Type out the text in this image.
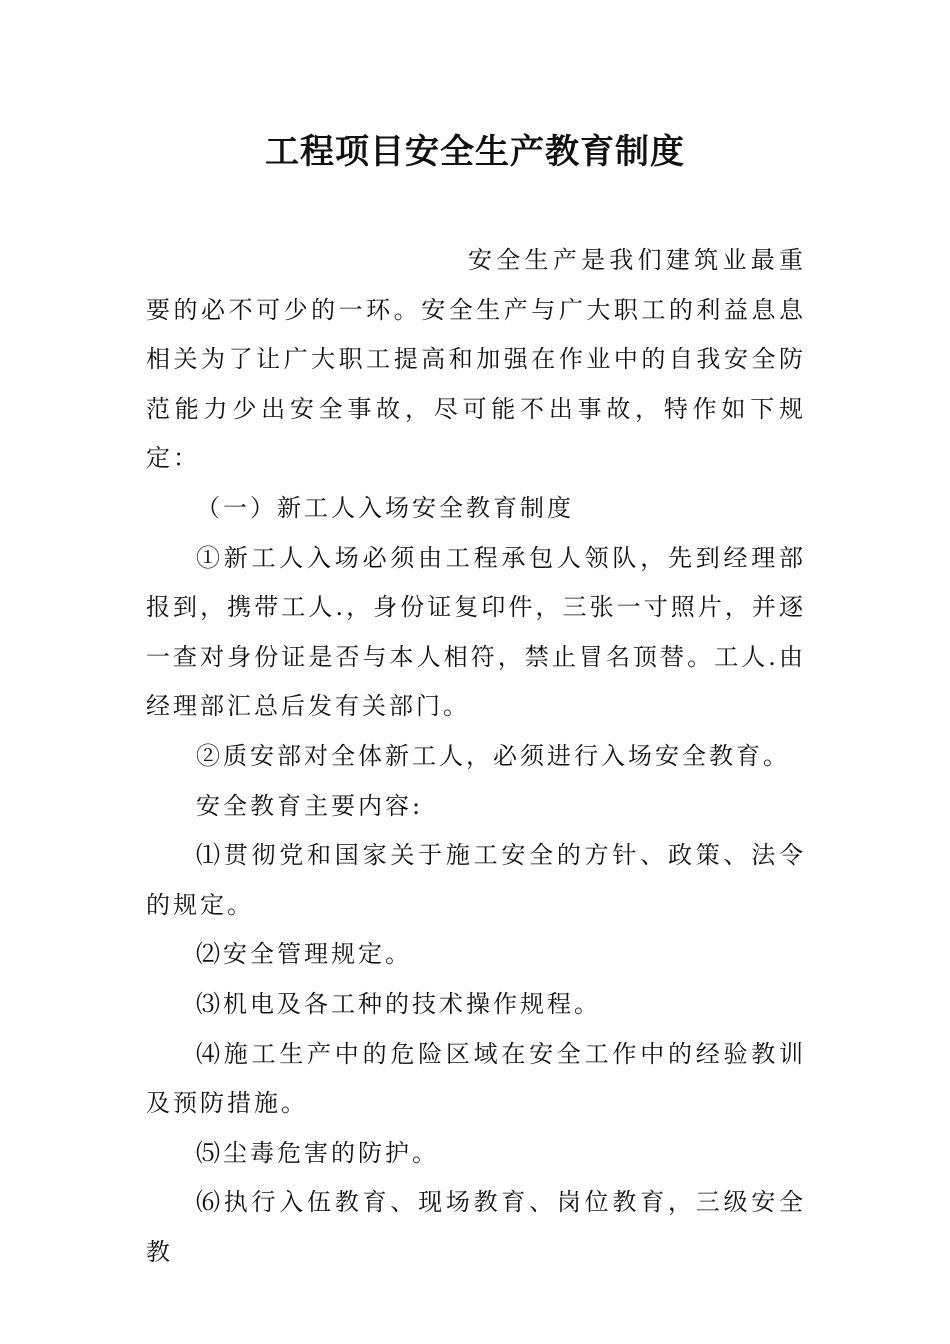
工程项目安全生产教育制度

安全生产是我们建筑业最重要的必不可少的一环。安全生产与广大职工的利益息息相关为了让广大职工提高和加强在作业中的自我安全防范能力少出安全事故，尽可能不出事故，特作如下规定：

（一）新工人入场安全教育制度

①新工人入场必须由工程承包人领队，先到经理部报到，携带工人.，身份证复印件，三张一寸照片，并逐一查对身份证是否与本人相符，禁止冒名顶替。工人.由经理部汇总后发有关部门。

②质安部对全体新工人，必须进行入场安全教育。

安全教育主要内容:

⑴贯彻党和国家关于施工安全的方针、政策、法令的规定。

⑵安全管理规定。

⑶机电及各工种的技术操作规程。

⑷施工生产中的危险区域在安全工作中的经验教训及预防措施。

⑸尘毒危害的防护。

⑹执行入伍教育、现场教育、岗位教育，三级安全教
